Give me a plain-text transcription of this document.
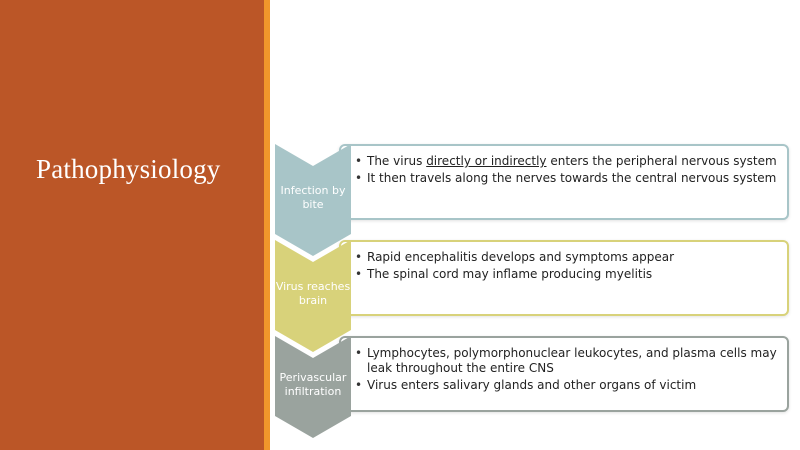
Pathophysiology
•	The virus directly or indirectly enters the peripheral nervous system
• It then travels along the nerves towards the central nervous system
Infection by bite
• Rapid encephalitis develops and symptoms appear
• The spinal cord may inflame producing myelitis
Virus reaches brain
• Lymphocytes, polymorphonuclear leukocytes, and plasma cells may leak throughout the entire CNS
• Virus enters salivary glands and other organs of victim
Perivascular infiltration
